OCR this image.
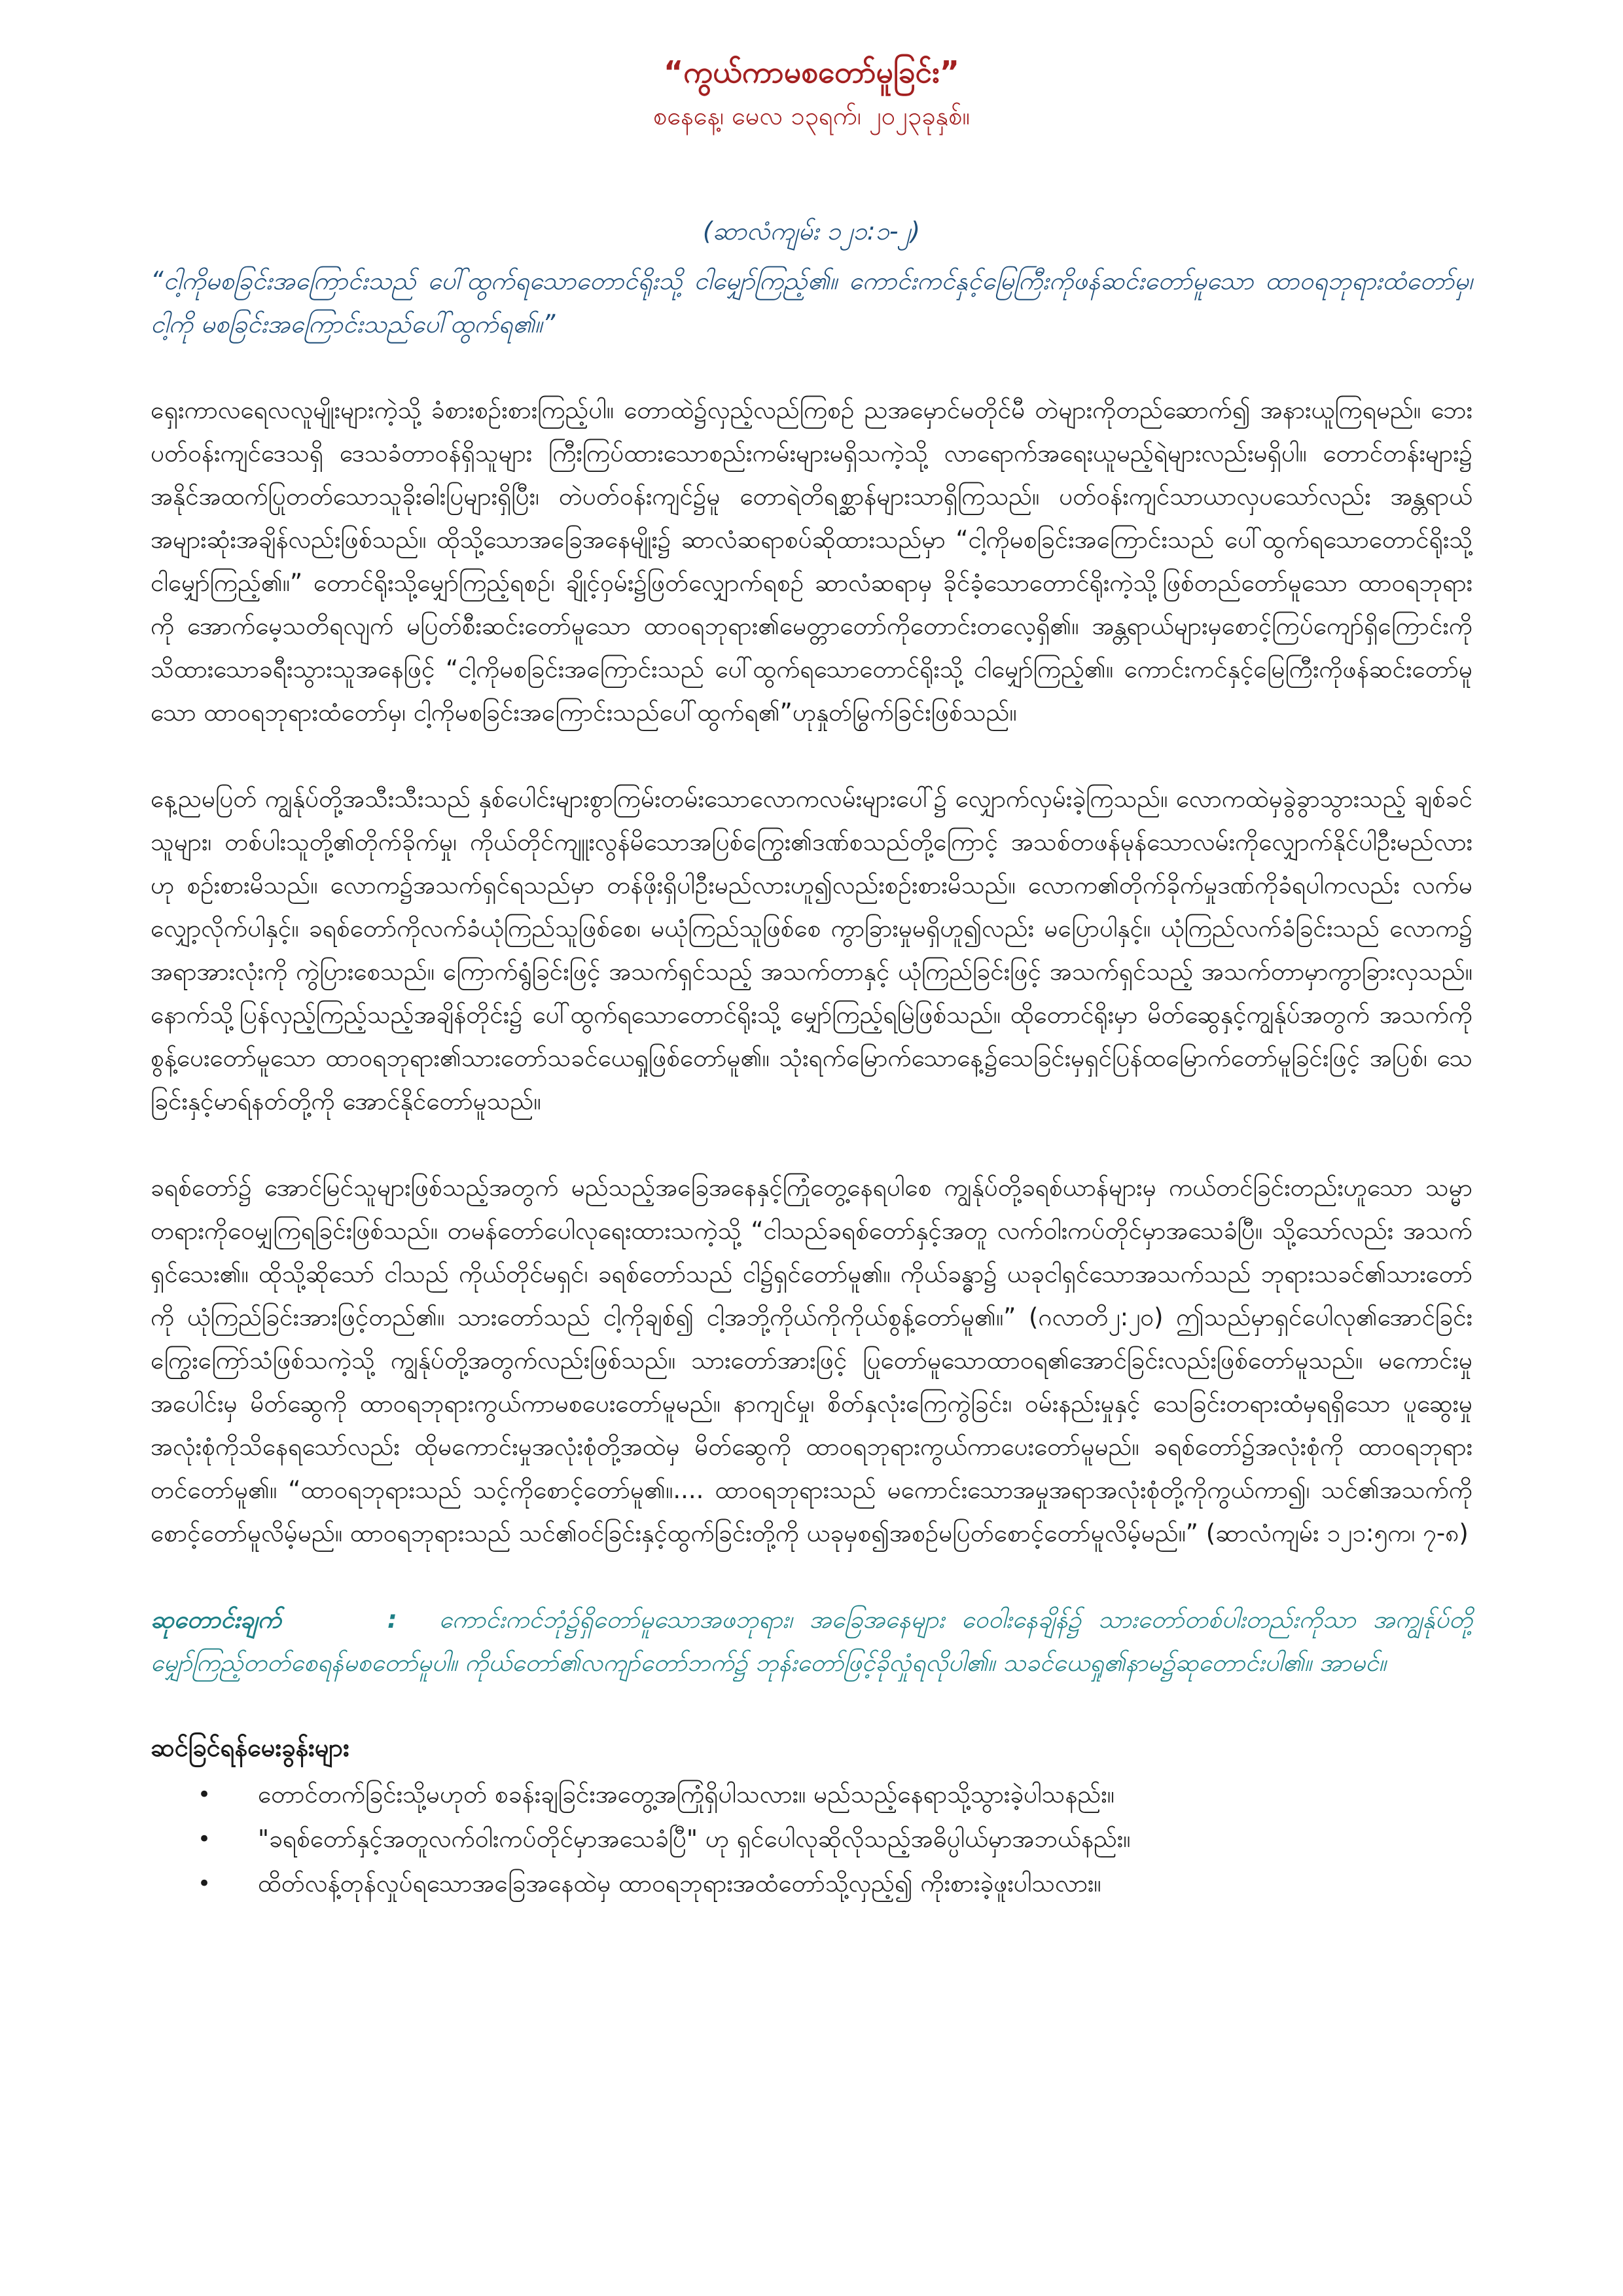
“ကွယ်ကာမစတော်မူခြင်း”

စနေနေ့၊ မေလ ၁၃ရက်၊ ၂၀၂၃ခုနှစ်။

(ဆာလံကျမ်း ၁၂၁:၁-၂)

“ငါ့ကိုမစခြင်းအကြောင်းသည် ပေါ်ထွက်ရသောတောင်ရိုးသို့ ငါမျှော်ကြည့်၏။ ကောင်းကင်နှင့်မြေကြီးကိုဖန်ဆင်းတော်မူသော ထာဝရဘုရားထံတော်မှ၊ ငါ့ကို မစခြင်းအကြောင်းသည်ပေါ်ထွက်ရ၏။”

ရှေးကာလရေလလူမျိုးများကဲ့သို့ ခံစားစဉ်းစားကြည့်ပါ။ တောထဲ၌လှည့်လည်ကြစဉ် ညအမှောင်မတိုင်မီ တဲများကိုတည်ဆောက်၍ အနားယူကြရမည်။ ဘေးပတ်ဝန်းကျင်ဒေသရှိ ဒေသခံတာဝန်ရှိသူများ ကြီးကြပ်ထားသောစည်းကမ်းများမရှိသကဲ့သို့ လာရောက်အရေးယူမည့်ရဲများလည်းမရှိပါ။ တောင်တန်းများ၌ အနိုင်အထက်ပြုတတ်သောသူခိုးဓါးပြများရှိပြီး၊ တဲပတ်ဝန်းကျင်၌မူ တောရဲတိရစ္ဆာန်များသာရှိကြသည်။ ပတ်ဝန်းကျင်သာယာလှပသော်လည်း အန္တရာယ်အများဆုံးအချိန်လည်းဖြစ်သည်။ ထိုသို့သောအခြေအနေမျိုး၌ ဆာလံဆရာစပ်ဆိုထားသည်မှာ “ငါ့ကိုမစခြင်းအကြောင်းသည် ပေါ်ထွက်ရသောတောင်ရိုးသို့ ငါမျှော်ကြည့်၏။” တောင်ရိုးသို့မျှော်ကြည့်ရစဉ်၊ ချိုင့်ဝှမ်း၌ဖြတ်လျှောက်ရစဉ် ဆာလံဆရာမှ ခိုင်ခံ့သောတောင်ရိုးကဲ့သို့ဖြစ်တည်တော်မူသော ထာဝရဘုရားကို အောက်မေ့သတိရလျက် မပြတ်စီးဆင်းတော်မူသော ထာဝရဘုရား၏မေတ္တာတော်ကိုတောင်းတလေ့ရှိ၏။ အန္တရာယ်များမှစောင့်ကြပ်ကျော်ရှိကြောင်းကို သိထားသောခရီးသွားသူအနေဖြင့် “ငါ့ကိုမစခြင်းအကြောင်းသည် ပေါ်ထွက်ရသောတောင်ရိုးသို့ ငါမျှော်ကြည့်၏။ ကောင်းကင်နှင့်မြေကြီးကိုဖန်ဆင်းတော်မူသော ထာဝရဘုရားထံတော်မှ၊ ငါ့ကိုမစခြင်းအကြောင်းသည်ပေါ်ထွက်ရ၏”ဟုနှုတ်မြွက်ခြင်းဖြစ်သည်။

နေ့ညမပြတ် ကျွန်ုပ်တို့အသီးသီးသည် နှစ်ပေါင်းများစွာကြမ်းတမ်းသောလောကလမ်းများပေါ်၌ လျှောက်လှမ်းခဲ့ကြသည်။ လောကထဲမှခွဲခွာသွားသည့် ချစ်ခင်သူများ၊ တစ်ပါးသူတို့၏တိုက်ခိုက်မှု၊ ကိုယ်တိုင်ကျူးလွန်မိသောအပြစ်ကြွေး၏ဒဏ်စသည်တို့ကြောင့် အသစ်တဖန်မုန်သောလမ်းကိုလျှောက်နိုင်ပါဦးမည်လားဟု စဉ်းစားမိသည်။ လောက၌အသက်ရှင်ရသည်မှာ တန်ဖိုးရှိပါဦးမည်လားဟူ၍လည်းစဉ်းစားမိသည်။ လောက၏တိုက်ခိုက်မှုဒဏ်ကိုခံရပါကလည်း လက်မလျှော့လိုက်ပါနှင့်။ ခရစ်တော်ကိုလက်ခံယုံကြည်သူဖြစ်စေ၊ မယုံကြည်သူဖြစ်စေ ကွာခြားမှုမရှိဟူ၍လည်း မပြောပါနှင့်။ ယုံကြည်လက်ခံခြင်းသည် လောက၌ အရာအားလုံးကို ကွဲပြားစေသည်။ ကြောက်ရွံခြင်းဖြင့် အသက်ရှင်သည့် အသက်တာနှင့် ယုံကြည်ခြင်းဖြင့် အသက်ရှင်သည့် အသက်တာမှာကွာခြားလှသည်။ နောက်သို့ပြန်လှည့်ကြည့်သည့်အချိန်တိုင်း၌ ပေါ်ထွက်ရသောတောင်ရိုးသို့ မျှော်ကြည့်ရမြဲဖြစ်သည်။ ထိုတောင်ရိုးမှာ မိတ်ဆွေနှင့်ကျွန်ုပ်အတွက် အသက်ကိုစွန့်ပေးတော်မူသော ထာဝရဘုရား၏သားတော်သခင်ယေရှုဖြစ်တော်မူ၏။ သုံးရက်မြောက်သောနေ့၌သေခြင်းမှရှင်ပြန်ထမြောက်တော်မူခြင်းဖြင့် အပြစ်၊ သေခြင်းနှင့်မာရ်နတ်တို့ကို အောင်နိုင်တော်မူသည်။

ခရစ်တော်၌ အောင်မြင်သူများဖြစ်သည့်အတွက် မည်သည့်အခြေအနေနှင့်ကြုံတွေ့နေရပါစေ ကျွန်ုပ်တို့ခရစ်ယာန်များမှ ကယ်တင်ခြင်းတည်းဟူသော သမ္မာတရားကိုဝေမျှကြရခြင်းဖြစ်သည်။ တမန်တော်ပေါလုရေးထားသကဲ့သို့ “ငါသည်ခရစ်တော်နှင့်အတူ လက်ဝါးကပ်တိုင်မှာအသေခံပြီ။ သို့သော်လည်း အသက်ရှင်သေး၏။ ထိုသို့ဆိုသော် ငါသည် ကိုယ်တိုင်မရှင်၊ ခရစ်တော်သည် ငါ၌ရှင်တော်မူ၏။ ကိုယ်ခန္ဓာ၌ ယခုငါရှင်သောအသက်သည် ဘုရားသခင်၏သားတော်ကို ယုံကြည်ခြင်းအားဖြင့်တည်၏။ သားတော်သည် ငါ့ကိုချစ်၍ ငါ့အဘို့ကိုယ်ကိုကိုယ်စွန့်တော်မူ၏။” (ဂလာတိ၂:၂၀) ဤသည်မှာရှင်ပေါလု၏အောင်ခြင်းကြွေးကြော်သံဖြစ်သကဲ့သို့ ကျွန်ုပ်တို့အတွက်လည်းဖြစ်သည်။ သားတော်အားဖြင့် ပြုတော်မူသောထာဝရ၏အောင်ခြင်းလည်းဖြစ်တော်မူသည်။ မကောင်းမှုအပေါင်းမှ မိတ်ဆွေကို ထာဝရဘုရားကွယ်ကာမစပေးတော်မူမည်။ နာကျင်မှု၊ စိတ်နှလုံးကြေကွဲခြင်း၊ ဝမ်းနည်းမှုနှင့် သေခြင်းတရားထံမှရရှိသော ပူဆွေးမှုအလုံးစုံကိုသိနေရသော်လည်း ထိုမကောင်းမှုအလုံးစုံတို့အထဲမှ မိတ်ဆွေကို ထာဝရဘုရားကွယ်ကာပေးတော်မူမည်။ ခရစ်တော်၌အလုံးစုံကို ထာဝရဘုရားတင်တော်မူ၏။ “ထာဝရဘုရားသည် သင့်ကိုစောင့်တော်မူ၏။.... ထာဝရဘုရားသည် မကောင်းသောအမှုအရာအလုံးစုံတို့ကိုကွယ်ကာ၍၊ သင်၏အသက်ကိုစောင့်တော်မူလိမ့်မည်။ ထာဝရဘုရားသည် သင်၏ဝင်ခြင်းနှင့်ထွက်ခြင်းတို့ကို ယခုမှစ၍အစဉ်မပြတ်စောင့်တော်မူလိမ့်မည်။” (ဆာလံကျမ်း ၁၂၁:၅က၊ ၇-၈)

ဆုတောင်းချက်	: ကောင်းကင်ဘုံ၌ရှိတော်မူသောအဖဘုရား၊ အခြေအနေများ ဝေဝါးနေချိန်၌ သားတော်တစ်ပါးတည်းကိုသာ အကျွန်ုပ်တို့မျှော်ကြည့်တတ်စေရန်မစတော်မူပါ။ ကိုယ်တော်၏လကျာ်တော်ဘက်၌ ဘုန်းတော်ဖြင့်ခိုလှုံရလိုပါ၏။ သခင်ယေရှု၏နာမ၌ဆုတောင်းပါ၏။ အာမင်။

ဆင်ခြင်ရန်မေးခွန်းများ
• တောင်တက်ခြင်းသို့မဟုတ် စခန်းချခြင်းအတွေ့အကြုံရှိပါသလား။ မည်သည့်နေရာသို့သွားခဲ့ပါသနည်း။
• "ခရစ်တော်နှင့်အတူလက်ဝါးကပ်တိုင်မှာအသေခံပြီ" ဟု ရှင်ပေါလုဆိုလိုသည့်အဓိပ္ပါယ်မှာအဘယ်နည်း။
• ထိတ်လန့်တုန်လှုပ်ရသောအခြေအနေထဲမှ ထာဝရဘုရားအထံတော်သို့လှည့်၍ ကိုးစားခဲ့ဖူးပါသလား။
